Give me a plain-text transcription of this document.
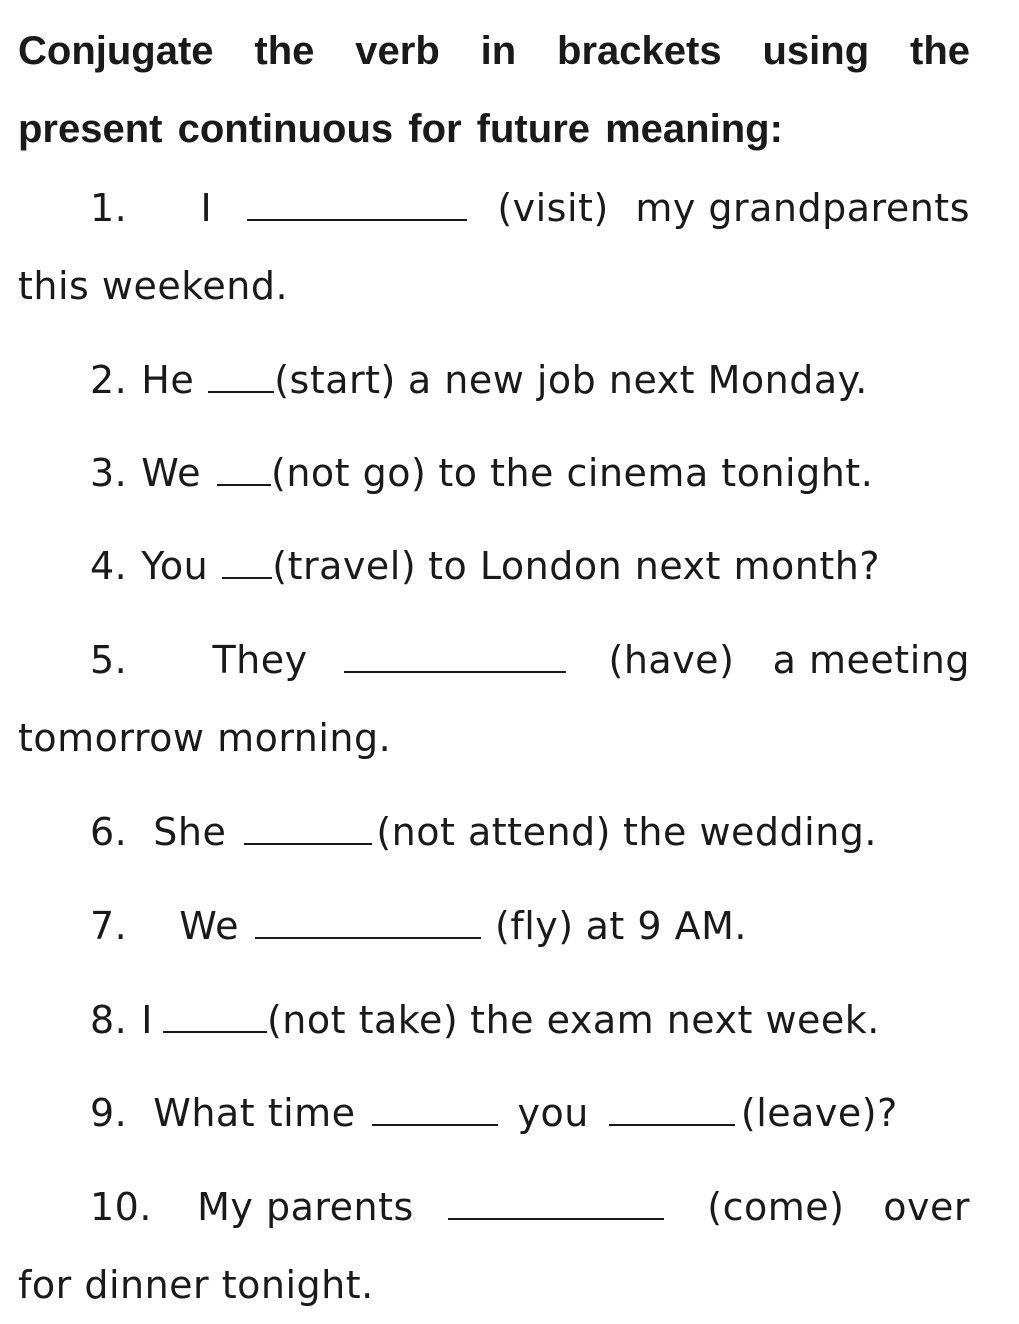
Conjugate the verb in brackets using the
present continuous for future meaning:
1. I	(visit) my grandparents
this weekend.
2. He (start) a new job next Monday.
3. We (not go) to the cinema tonight.
4. You (travel) to London next month?
5. They	(have) a meeting
tomorrow morning.
6. She	(not attend) the wedding.
7. We	(fly) at 9 AM.
8. I	(not take) the exam next week.
9. What time	you	(leave)?
10. My parents	(come) over
for dinner tonight.
